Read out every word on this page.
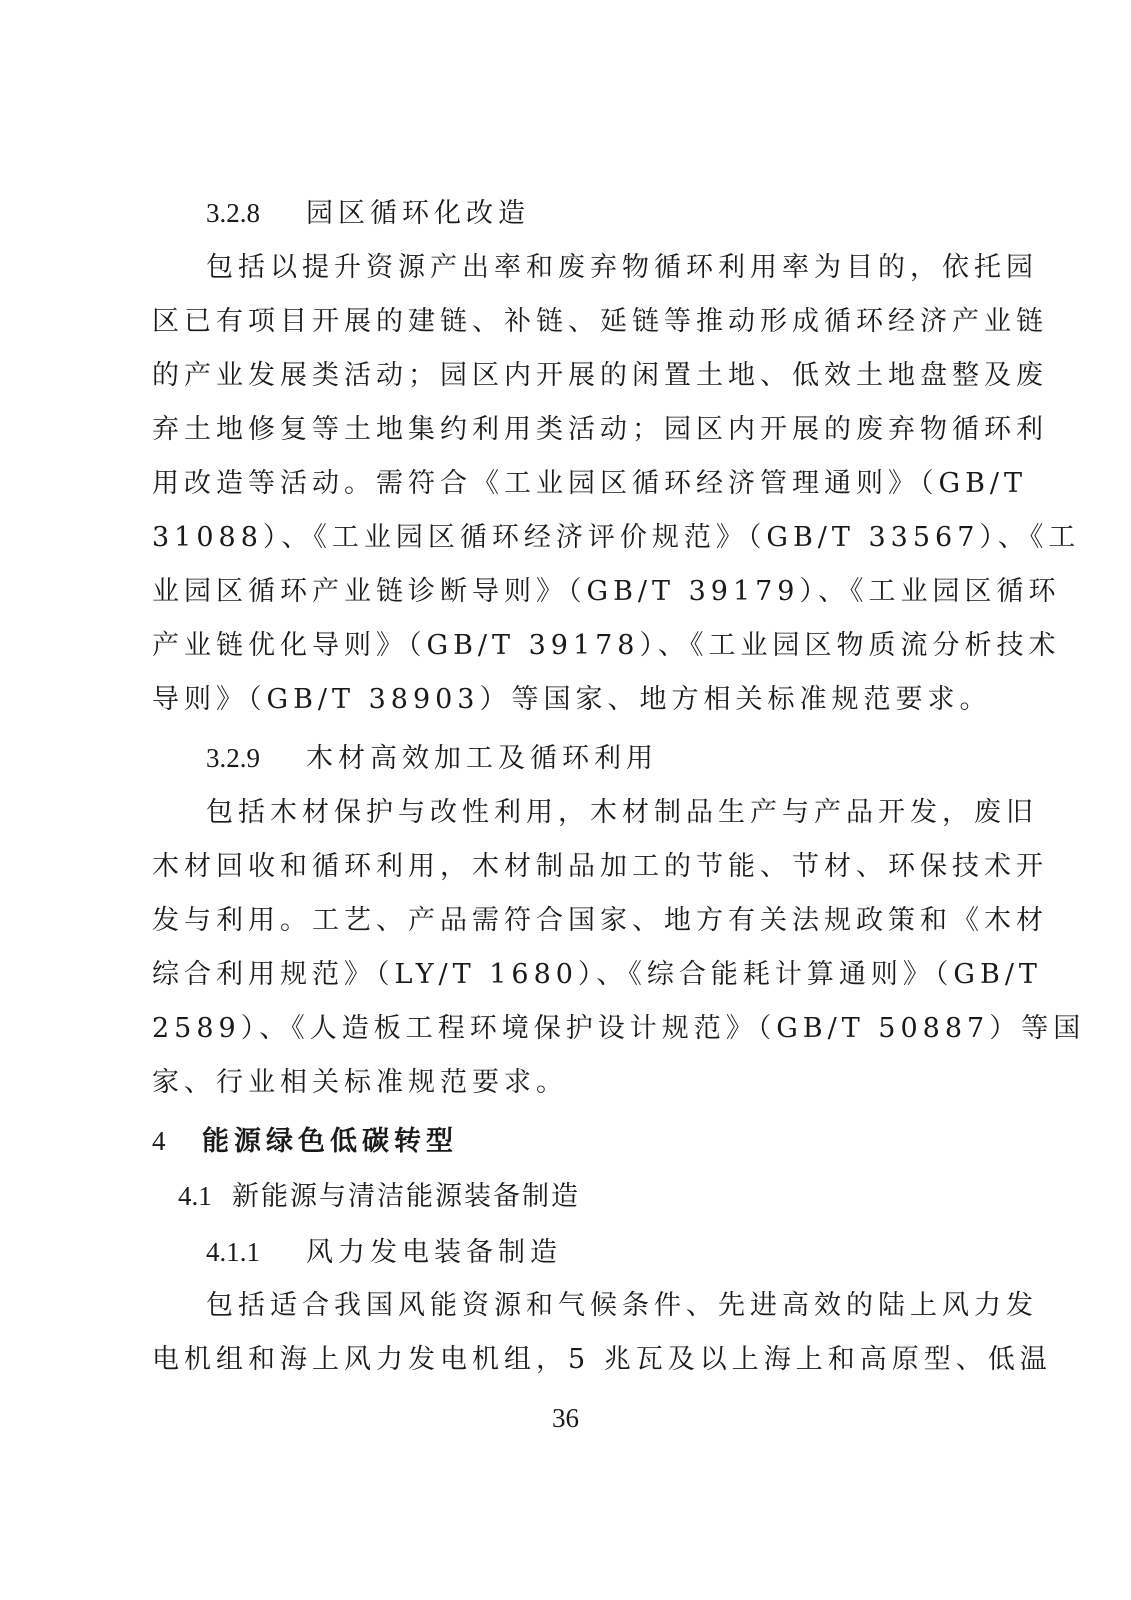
3.2.8 园区循环化改造
包括以提升资源产出率和废弃物循环利用率为目的，依托园
区已有项目开展的建链、补链、延链等推动形成循环经济产业链
的产业发展类活动；园区内开展的闲置土地、低效土地盘整及废
弃土地修复等土地集约利用类活动；园区内开展的废弃物循环利
用改造等活动。需符合《工业园区循环经济管理通则》（GB/T
31088）、《工业园区循环经济评价规范》（GB/T 33567）、《工
业园区循环产业链诊断导则》（GB/T 39179）、《工业园区循环
产业链优化导则》（GB/T 39178）、《工业园区物质流分析技术
导则》（GB/T 38903）等国家、地方相关标准规范要求。
3.2.9 木材高效加工及循环利用
包括木材保护与改性利用，木材制品生产与产品开发，废旧
木材回收和循环利用，木材制品加工的节能、节材、环保技术开
发与利用。工艺、产品需符合国家、地方有关法规政策和《木材
综合利用规范》（LY/T 1680）、《综合能耗计算通则》（GB/T
2589）、《人造板工程环境保护设计规范》（GB/T 50887）等国
家、行业相关标准规范要求。
4 能源绿色低碳转型
4.1 新能源与清洁能源装备制造
4.1.1 风力发电装备制造
包括适合我国风能资源和气候条件、先进高效的陆上风力发
电机组和海上风力发电机组，5 兆瓦及以上海上和高原型、低温
36
